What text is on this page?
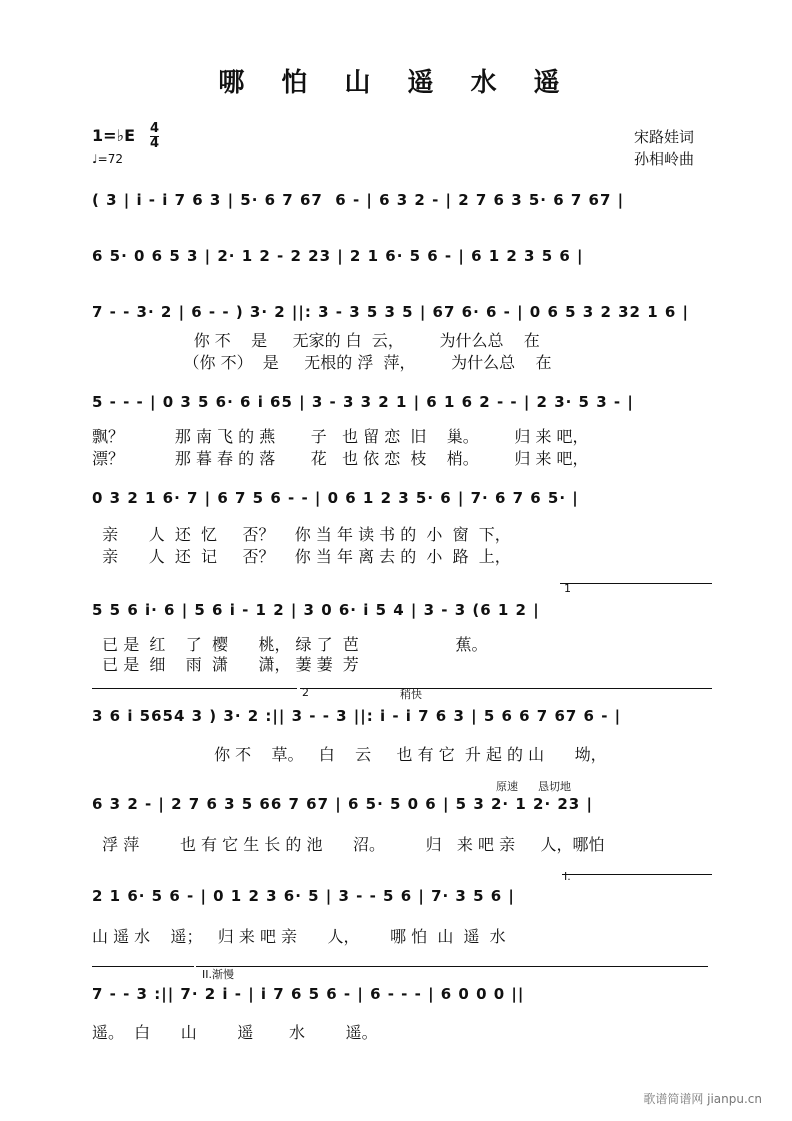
哪 怕 山 遥 水 遥
1=♭E 4
4
♩=72
宋路娃词
孙相岭曲
( 3 | i - i 7 6 3 | 5· 6 7 67  6 - | 6 3 2 - | 2 7 6 3 5· 6 7 67 |
6 5· 0 6 5 3 | 2· 1 2 - 2 23 | 2 1 6· 5 6 - | 6 1 2 3 5 6 |
7 - - 3· 2 | 6 - - ) 3· 2 ||: 3 - 3 5 3 5 | 67 6· 6 - | 0 6 5 3 2 32 1 6 |
你 不    是     无家的 白  云，       为什么总    在
（你 不）  是     无根的 浮  萍，       为什么总    在
5 - - - | 0 3 5 6· 6 i 65 | 3 - 3 3 2 1 | 6 1 6 2 - - | 2 3· 5 3 - |
飘？          那 南 飞 的 燕       子   也 留 恋  旧    巢。       归 来 吧，
漂？          那 暮 春 的 落       花   也 依 恋  枝    梢。       归 来 吧，
0 3 2 1 6· 7 | 6 7 5 6 - - | 0 6 1 2 3 5· 6 | 7· 6 7 6 5· |
亲      人  还  忆     否？    你 当 年 读 书 的  小  窗  下，
亲      人  还  记     否？    你 当 年 离 去 的  小  路  上，
5 5 6 i· 6 | 5 6 i - 1 2 | 3 0 6· i 5 4 | 3 - 3 (6 1 2 |
已 是  红    了  樱      桃， 绿 了  芭                   蕉。
已 是  细    雨  潇      潇， 萋 萋  芳
1
3 6 i 5654 3 ) 3· 2 :|| 3 - - 3 ||: i - i 7 6 3 | 5 6 6 7 67 6 - |
你 不    草。   白    云     也 有 它  升 起 的 山      坳，
2	稍快
6 3 2 - | 2 7 6 3 5 66 7 67 | 6 5· 5 0 6 | 5 3 2· 1 2· 23 |
浮 萍        也 有 它 生 长 的 池      沼。        归   来 吧 亲     人，哪怕
原速 恳切地
2 1 6· 5 6 - | 0 1 2 3 6· 5 | 3 - - 5 6 | 7· 3 5 6 |
山 遥 水    遥；   归 来 吧 亲      人，      哪 怕  山  遥  水
I.
7 - - 3 :|| 7· 2 i - | i 7 6 5 6 - | 6 - - - | 6 0 0 0 ||
遥。  白      山        遥       水        遥。
II.渐慢
歌谱简谱网 jianpu.cn
